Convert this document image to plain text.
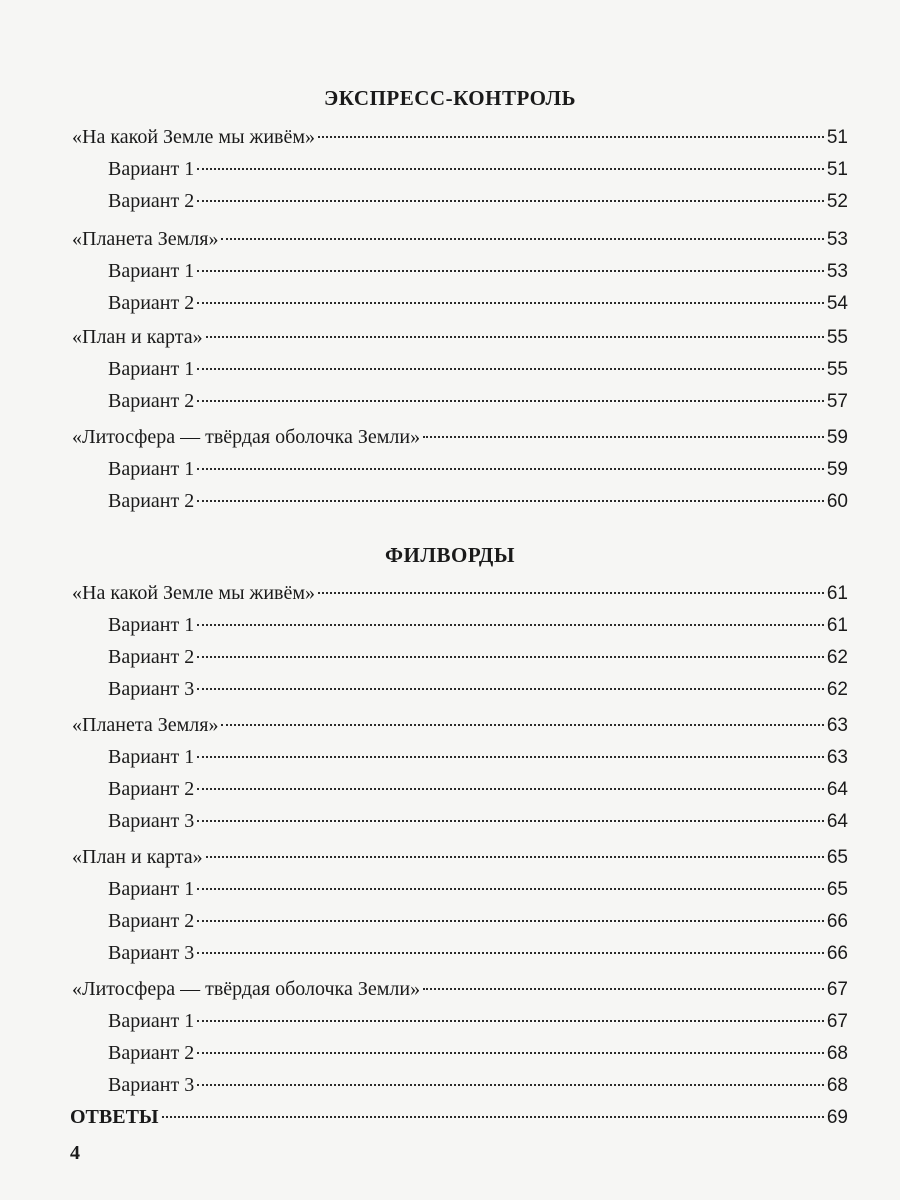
ЭКСПРЕСС-КОНТРОЛЬ
«На какой Земле мы живём»	51
Вариант 1	51
Вариант 2	52
«Планета Земля»	53
Вариант 1	53
Вариант 2	54
«План и карта»	55
Вариант 1	55
Вариант 2	57
«Литосфера — твёрдая оболочка Земли»	59
Вариант 1	59
Вариант 2	60
ФИЛВОРДЫ
«На какой Земле мы живём»	61
Вариант 1	61
Вариант 2	62
Вариант 3	62
«Планета Земля»	63
Вариант 1	63
Вариант 2	64
Вариант 3	64
«План и карта»	65
Вариант 1	65
Вариант 2	66
Вариант 3	66
«Литосфера — твёрдая оболочка Земли»	67
Вариант 1	67
Вариант 2	68
Вариант 3	68
ОТВЕТЫ	69
4
